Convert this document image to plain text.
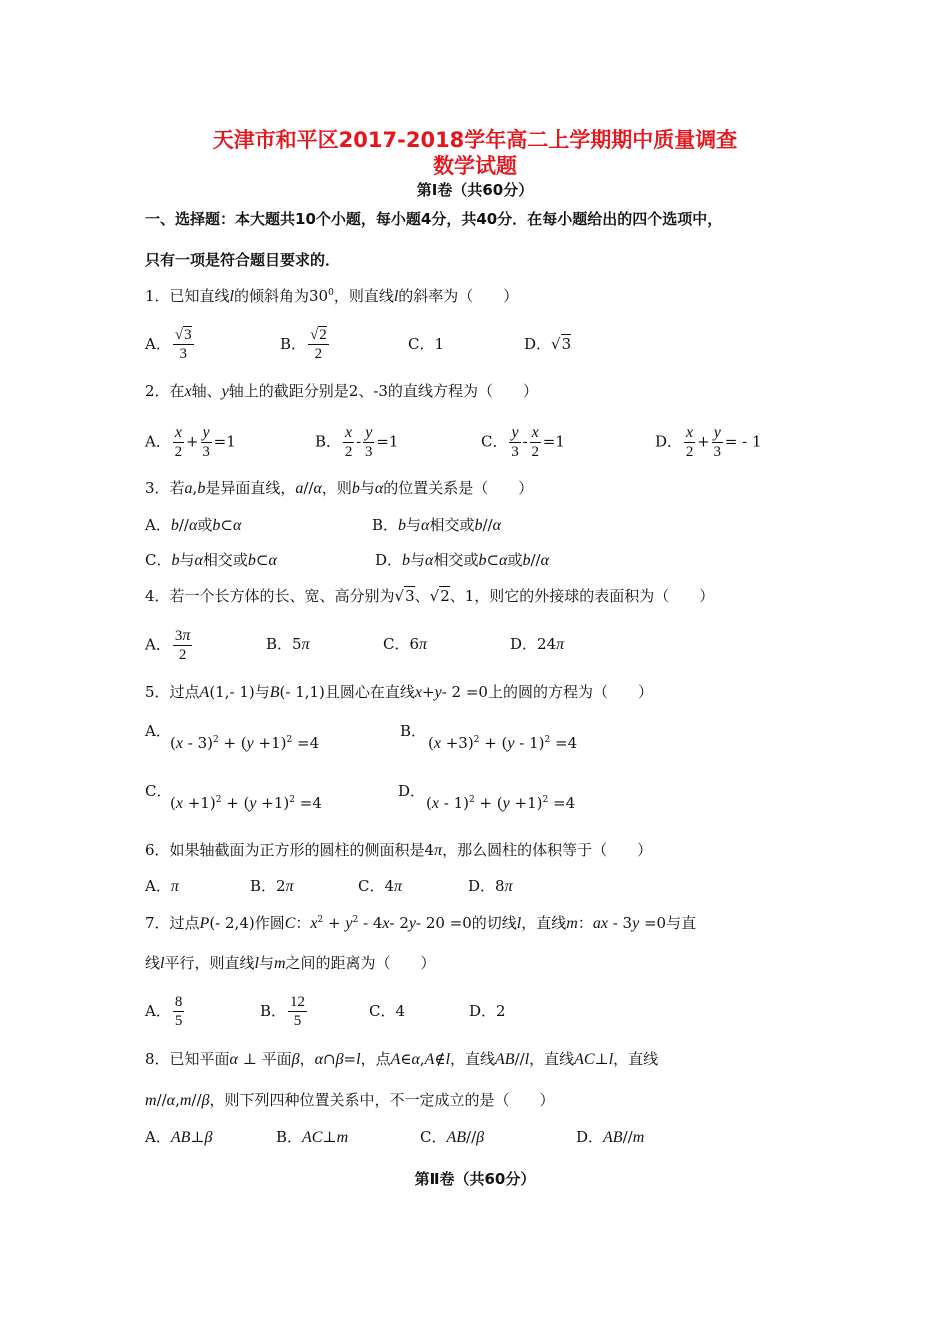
天津市和平区2017-2018学年高二上学期期中质量调查
数学试题
第Ⅰ卷（共60分）
一、选择题：本大题共10个小题，每小题4分，共40分．在每小题给出的四个选项中，
只有一项是符合题目要求的．
1．已知直线l的倾斜角为$30^0$，则直线l的斜率为（　　）
A． $\frac{√3}{3}$	B． $\frac{√2}{2}$	C．1	D．√3
2．在x轴、y轴上的截距分别是2、-3的直线方程为（　　）
A． $\frac{x}{2} + \frac{y}{3} =1$	B． $\frac{x}{2} - \frac{y}{3} =1$	C． $\frac{y}{3} - \frac{x}{2} =1$	D． $\frac{x}{2} + \frac{y}{3}$ = - 1
3．若a,b是异面直线，a//α，则b与α的位置关系是（　　）
A．b//α或b⊂α	B．b与α相交或b//α
C．b与α相交或b⊂α	D．b与α相交或b⊂α或b//α
4．若一个长方体的长、宽、高分别为√3、√2、1，则它的外接球的表面积为（　　）
A． $\frac{3\pi}{2}$	B．5π	C．6π	D．24π
5．过点A(1,- 1)与B(- 1,1)且圆心在直线x+y- 2 =0上的圆的方程为（　　）
A．
$(x - 3)^2 + (y +1)^2 =4$
B．
$(x +3)^2 + (y - 1)^2 =4$
C．
$(x +1)^2 + (y +1)^2 =4$
D．
$(x - 1)^2 + (y +1)^2 =4$
6．如果轴截面为正方形的圆柱的侧面积是4π，那么圆柱的体积等于（　　）
A．π	B．2π	C．4π	D．8π
7．过点P(- 2,4)作圆C：$x^2 + y^2 - 4x-$ 2y- 20 =0的切线l，直线m：ax - 3y =0与直
线l平行，则直线l与m之间的距离为（　　）
A． $\frac{8}{5}$	B． $\frac{12}{5}$	C．4	D．2
8．已知平面α ⊥ 平面β，α∩β=l，点A∈α,A∉l，直线AB//l，直线AC⊥l，直线
m//α,m//β，则下列四种位置关系中，不一定成立的是（　　）
A．AB⊥β	B．AC⊥m	C．AB//β	D．AB//m
第Ⅱ卷（共60分）
